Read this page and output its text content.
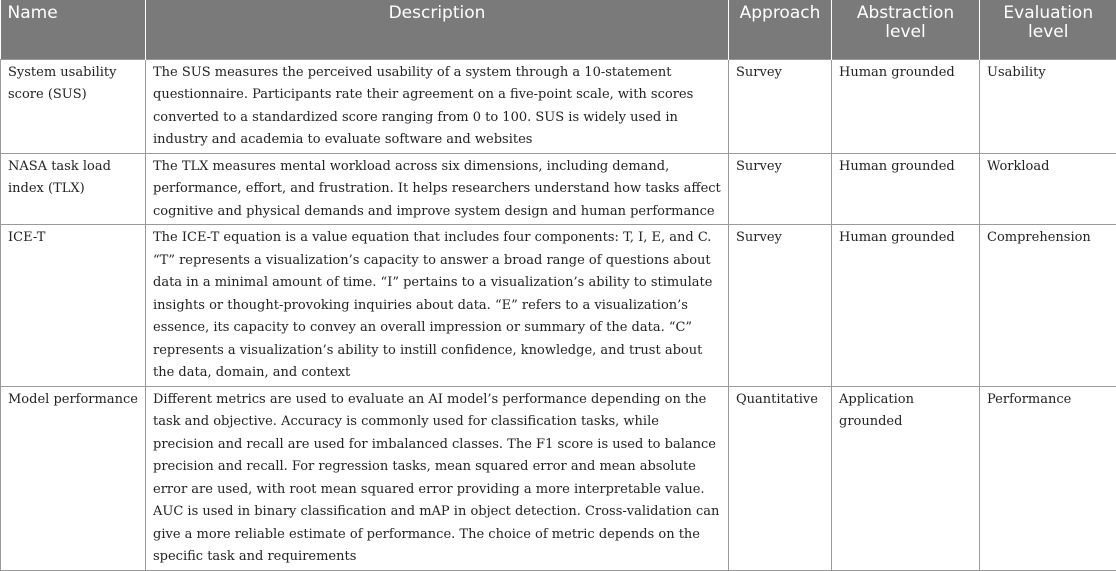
Name	Description	Approach	Abstraction level	Evaluation level
System usability score (SUS)	The SUS measures the perceived usability of a system through a 10-statement questionnaire. Participants rate their agreement on a five-point scale, with scores converted to a standardized score ranging from 0 to 100. SUS is widely used in industry and academia to evaluate software and websites	Survey	Human grounded	Usability
NASA task load index (TLX)	The TLX measures mental workload across six dimensions, including demand, performance, effort, and frustration. It helps researchers understand how tasks affect cognitive and physical demands and improve system design and human performance	Survey	Human grounded	Workload
ICE-T	The ICE-T equation is a value equation that includes four components: T, I, E, and C. “T” represents a visualization’s capacity to answer a broad range of questions about data in a minimal amount of time. “I” pertains to a visualization’s ability to stimulate insights or thought-provoking inquiries about data. “E” refers to a visualization’s essence, its capacity to convey an overall impression or summary of the data. “C” represents a visualization’s ability to instill confidence, knowledge, and trust about the data, domain, and context	Survey	Human grounded	Comprehension
Model performance	Different metrics are used to evaluate an AI model’s performance depending on the task and objective. Accuracy is commonly used for classification tasks, while precision and recall are used for imbalanced classes. The F1 score is used to balance precision and recall. For regression tasks, mean squared error and mean absolute error are used, with root mean squared error providing a more interpretable value. AUC is used in binary classification and mAP in object detection. Cross-validation can give a more reliable estimate of performance. The choice of metric depends on the specific task and requirements	Quantitative	Application grounded	Performance
